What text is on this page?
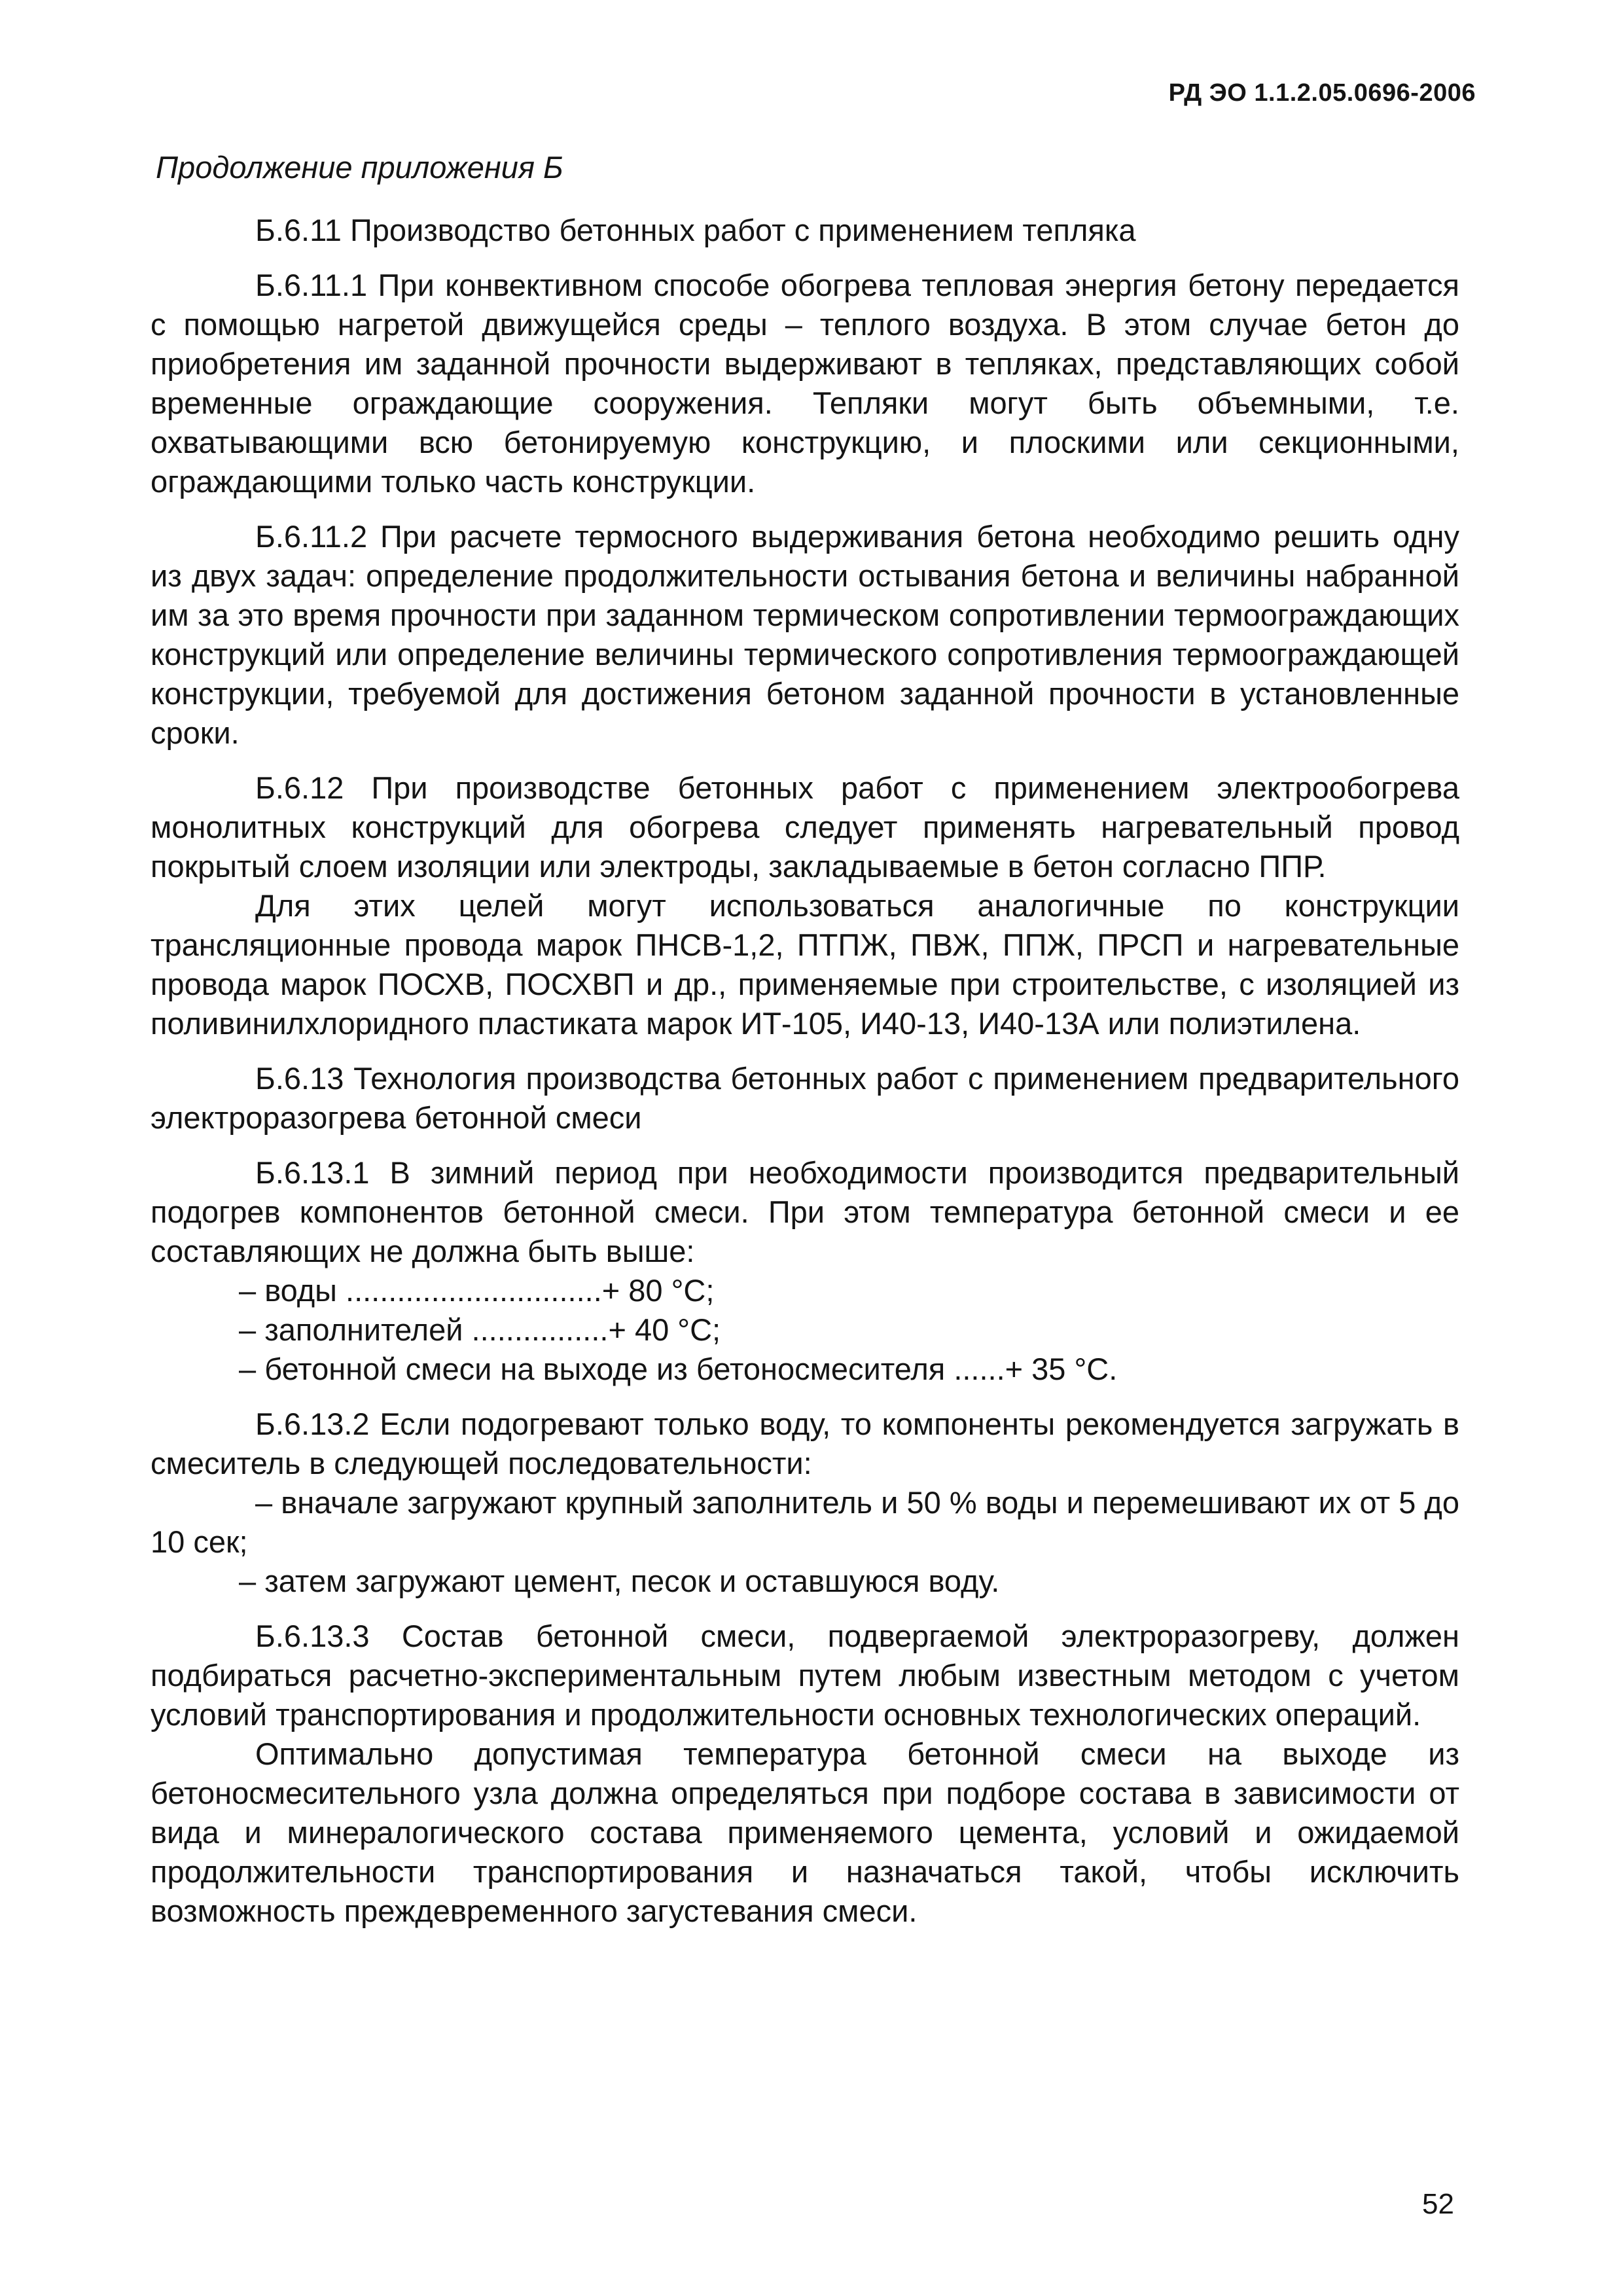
РД ЭО 1.1.2.05.0696-2006
Продолжение приложения Б
Б.6.11 Производство бетонных работ с применением тепляка
Б.6.11.1 При конвективном способе обогрева тепловая энергия бетону передается с помощью нагретой движущейся среды – теплого воздуха. В этом случае бетон до приобретения им заданной прочности выдерживают в тепляках, представляющих собой временные ограждающие сооружения. Тепляки могут быть объемными, т.е. охватывающими всю бетонируемую конструкцию, и плоскими или секционными, ограждающими только часть конструкции.
Б.6.11.2 При расчете термосного выдерживания бетона необходимо решить одну из двух задач: определение продолжительности остывания бетона и величины набранной им за это время прочности при заданном термическом сопротивлении термоограждающих конструкций или определение величины термического сопротивления термоограждающей конструкции, требуемой для достижения бетоном заданной прочности в установленные сроки.
Б.6.12 При производстве бетонных работ с применением электрообогрева монолитных конструкций для обогрева следует применять нагревательный провод покрытый слоем изоляции или электроды, закладываемые в бетон согласно ППР.
Для этих целей могут использоваться аналогичные по конструкции трансляционные провода марок ПНСВ-1,2, ПТПЖ, ПВЖ, ППЖ, ПРСП и нагревательные провода марок ПОСХВ, ПОСХВП и др., применяемые при строительстве, с изоляцией из поливинилхлоридного пластиката марок ИТ-105, И40-13, И40-13А или полиэтилена.
Б.6.13 Технология производства бетонных работ с применением предварительного электроразогрева бетонной смеси
Б.6.13.1 В зимний период при необходимости производится предварительный подогрев компонентов бетонной смеси. При этом температура бетонной смеси и ее составляющих не должна быть выше:
– воды ..............................+ 80 °С;
– заполнителей ................+ 40 °С;
– бетонной смеси на выходе из бетоносмесителя ......+ 35 °С.
Б.6.13.2 Если подогревают только воду, то компоненты рекомендуется загружать в смеситель в следующей последовательности:
– вначале загружают крупный заполнитель и 50 % воды и перемешивают их от 5 до 10 сек;
– затем загружают цемент, песок и оставшуюся воду.
Б.6.13.3 Состав бетонной смеси, подвергаемой электроразогреву, должен подбираться расчетно-экспериментальным путем любым известным методом с учетом условий транспортирования и продолжительности основных технологических операций.
Оптимально допустимая температура бетонной смеси на выходе из бетоносмесительного узла должна определяться при подборе состава в зависимости от вида и минералогического состава применяемого цемента, условий и ожидаемой продолжительности транспортирования и назначаться такой, чтобы исключить возможность преждевременного загустевания смеси.
52
